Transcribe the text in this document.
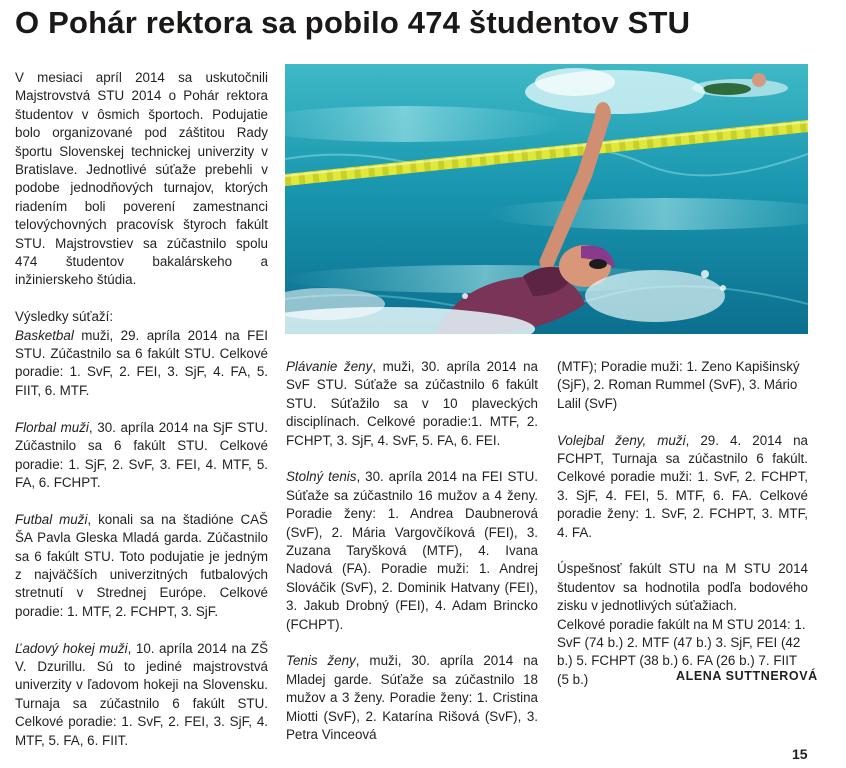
O Pohár rektora sa pobilo 474 študentov STU

V mesiaci apríl 2014 sa uskutočnili Majstrovstvá STU 2014 o Pohár rektora študentov v ôsmich športoch. Podujatie bolo organizované pod záštitou Rady športu Slovenskej technickej univerzity v Bratislave. Jednotlivé súťaže prebehli v podobe jednodňových turnajov, ktorých riadením boli poverení zamestnanci telovýchovných pracovísk štyroch fakúlt STU. Majstrovstiev sa zúčastnilo spolu 474 študentov bakalárskeho a inžinierskeho štúdia.

Výsledky súťaží:

Basketbal muži, 29. apríla 2014 na FEI STU. Zúčastnilo sa 6 fakúlt STU. Celkové poradie: 1. SvF, 2. FEI, 3. SjF, 4. FA, 5. FIIT, 6. MTF.

Florbal muži, 30. apríla 2014 na SjF STU. Zúčastnilo sa 6 fakúlt STU. Celkové poradie: 1. SjF, 2. SvF, 3. FEI, 4. MTF, 5. FA, 6. FCHPT.

Futbal muži, konali sa na štadióne CAŠ ŠA Pavla Gleska Mladá garda. Zúčastnilo sa 6 fakúlt STU. Toto podujatie je jedným z najväčších univerzitných futbalových stretnutí v Strednej Európe. Celkové poradie: 1. MTF, 2. FCHPT, 3. SjF.

Ľadový hokej muži, 10. apríla 2014 na ZŠ V. Dzurillu. Sú to jediné majstrovstvá univerzity v ľadovom hokeji na Slovensku. Turnaja sa zúčastnilo 6 fakúlt STU. Celkové poradie: 1. SvF, 2. FEI, 3. SjF, 4. MTF, 5. FA, 6. FIIT.

Plávanie ženy, muži, 30. apríla 2014 na SvF STU. Súťaže sa zúčastnilo 6 fakúlt STU. Súťažilo sa v 10 plaveckých disciplínach. Celkové poradie:1. MTF, 2. FCHPT, 3. SjF, 4. SvF, 5. FA, 6. FEI.

Stolný tenis, 30. apríla 2014 na FEI STU. Súťaže sa zúčastnilo 16 mužov a 4 ženy. Poradie ženy: 1. Andrea Daubnerová (SvF), 2. Mária Vargovčíková (FEI), 3. Zuzana Taryšková (MTF), 4. Ivana Nadová (FA). Poradie muži: 1. Andrej Slováčik (SvF), 2. Dominik Hatvany (FEI), 3. Jakub Drobný (FEI), 4. Adam Brincko (FCHPT).

Tenis ženy, muži, 30. apríla 2014 na Mladej garde. Súťaže sa zúčastnilo 18 mužov a 3 ženy. Poradie ženy: 1. Cristina Miotti (SvF), 2. Katarína Rišová (SvF), 3. Petra Vinceová

(MTF); Poradie muži: 1. Zeno Kapišinský (SjF), 2. Roman Rummel (SvF), 3. Mário Lalil (SvF)

Volejbal ženy, muži, 29. 4. 2014 na FCHPT, Turnaja sa zúčastnilo 6 fakúlt. Celkové poradie muži: 1. SvF, 2. FCHPT, 3. SjF, 4. FEI, 5. MTF, 6. FA. Celkové poradie ženy: 1. SvF, 2. FCHPT, 3. MTF, 4. FA.

Úspešnosť fakúlt STU na M STU 2014 študentov sa hodnotila podľa bodového zisku v jednotlivých súťažiach.

Celkové poradie fakúlt na M STU 2014: 1. SvF (74 b.) 2. MTF (47 b.) 3. SjF, FEI (42 b.) 5. FCHPT (38 b.) 6. FA (26 b.) 7. FIIT (5 b.)	ALENA SUTTNEROVÁ
15
